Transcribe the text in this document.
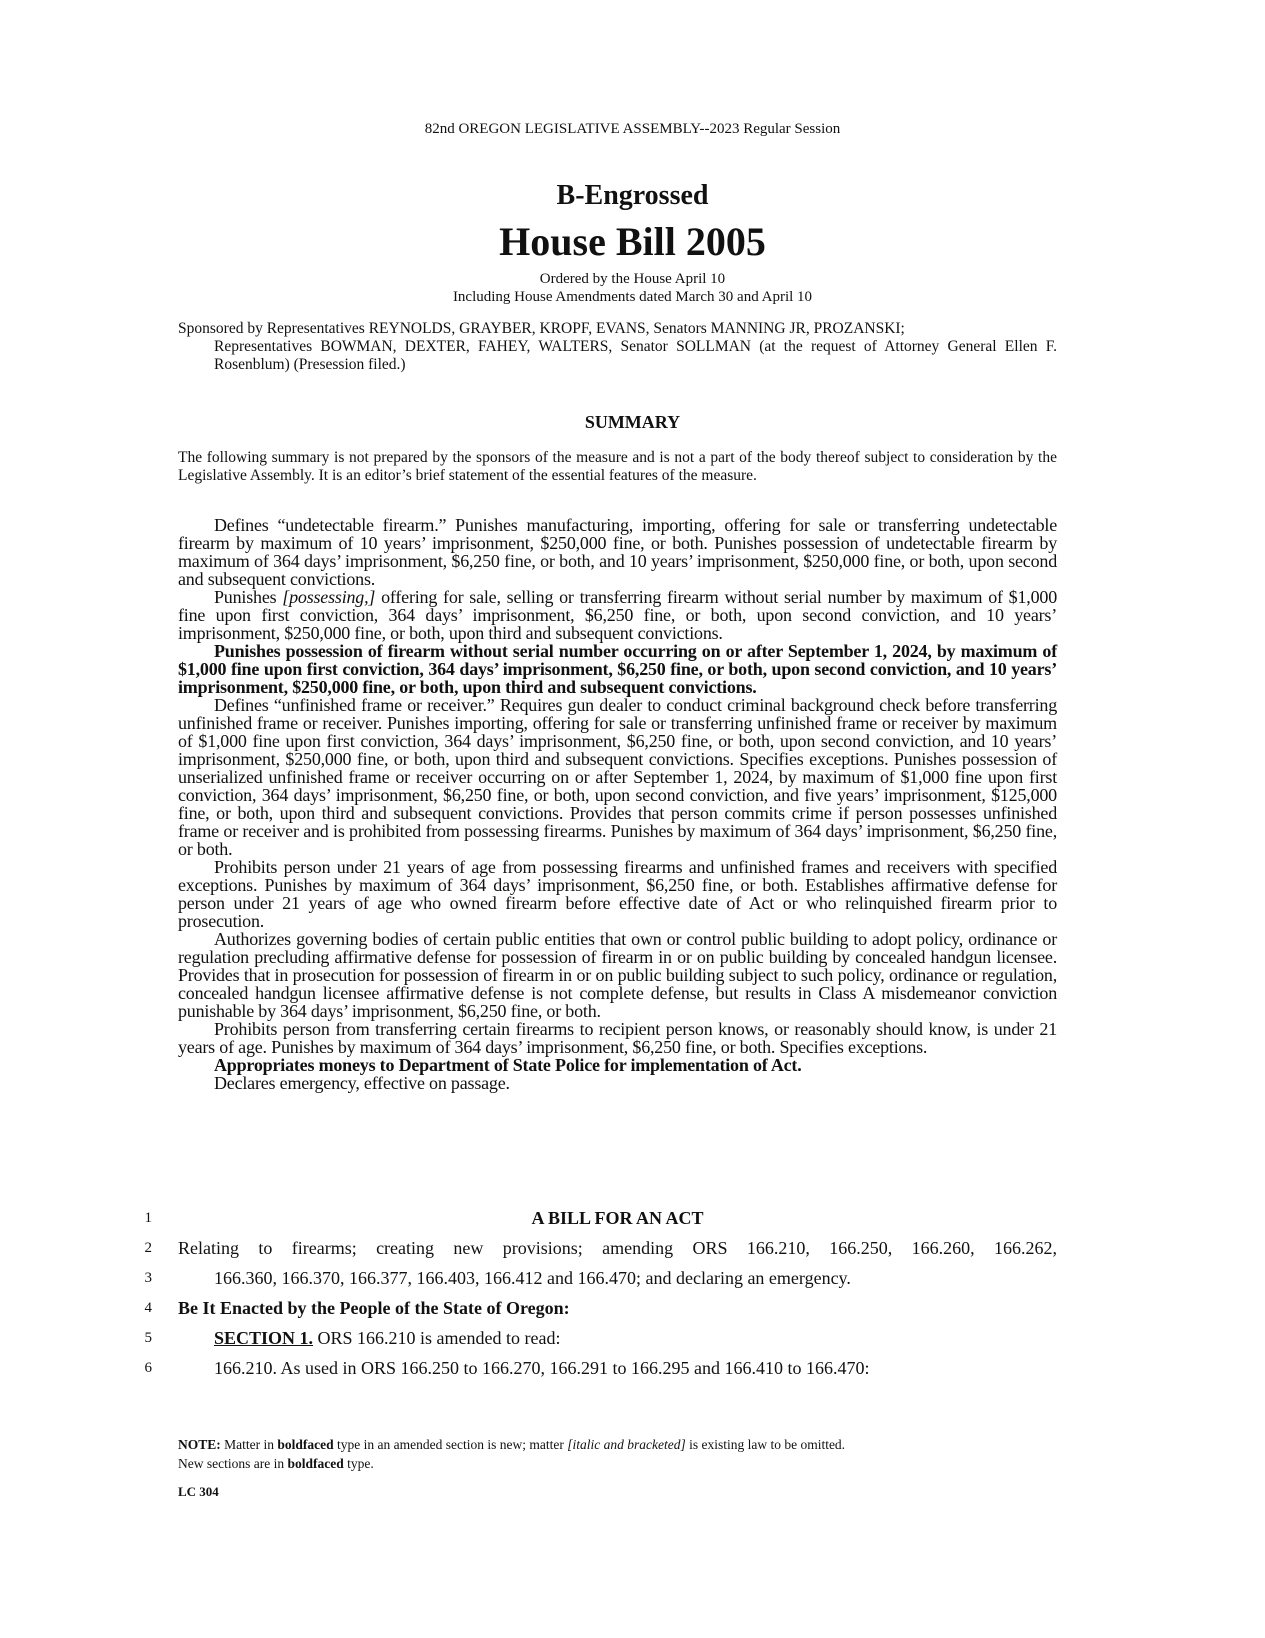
82nd OREGON LEGISLATIVE ASSEMBLY--2023 Regular Session
B-Engrossed
House Bill 2005
Ordered by the House April 10
Including House Amendments dated March 30 and April 10
Sponsored by Representatives REYNOLDS, GRAYBER, KROPF, EVANS, Senators MANNING JR, PROZANSKI;
Representatives BOWMAN, DEXTER, FAHEY, WALTERS, Senator SOLLMAN (at the request of Attorney General Ellen F. Rosenblum) (Presession filed.)
SUMMARY
The following summary is not prepared by the sponsors of the measure and is not a part of the body thereof subject to consideration by the Legislative Assembly. It is an editor’s brief statement of the essential features of the measure.

Defines “undetectable firearm.” Punishes manufacturing, importing, offering for sale or transferring undetectable firearm by maximum of 10 years’ imprisonment, $250,000 fine, or both. Punishes possession of undetectable firearm by maximum of 364 days’ imprisonment, $6,250 fine, or both, and 10 years’ imprisonment, $250,000 fine, or both, upon second and subsequent convictions.

Punishes [possessing,] offering for sale, selling or transferring firearm without serial number by maximum of $1,000 fine upon first conviction, 364 days’ imprisonment, $6,250 fine, or both, upon second conviction, and 10 years’ imprisonment, $250,000 fine, or both, upon third and subsequent convictions.

Punishes possession of firearm without serial number occurring on or after September 1, 2024, by maximum of $1,000 fine upon first conviction, 364 days’ imprisonment, $6,250 fine, or both, upon second conviction, and 10 years’ imprisonment, $250,000 fine, or both, upon third and subsequent convictions.

Defines “unfinished frame or receiver.” Requires gun dealer to conduct criminal background check before transferring unfinished frame or receiver. Punishes importing, offering for sale or transferring unfinished frame or receiver by maximum of $1,000 fine upon first conviction, 364 days’ imprisonment, $6,250 fine, or both, upon second conviction, and 10 years’ imprisonment, $250,000 fine, or both, upon third and subsequent convictions. Specifies exceptions. Punishes possession of unserialized unfinished frame or receiver occurring on or after September 1, 2024, by maximum of $1,000 fine upon first conviction, 364 days’ imprisonment, $6,250 fine, or both, upon second conviction, and five years’ imprisonment, $125,000 fine, or both, upon third and subsequent convictions. Provides that person commits crime if person possesses unfinished frame or receiver and is prohibited from possessing firearms. Punishes by maximum of 364 days’ imprisonment, $6,250 fine, or both.

Prohibits person under 21 years of age from possessing firearms and unfinished frames and receivers with specified exceptions. Punishes by maximum of 364 days’ imprisonment, $6,250 fine, or both. Establishes affirmative defense for person under 21 years of age who owned firearm before effective date of Act or who relinquished firearm prior to prosecution.

Authorizes governing bodies of certain public entities that own or control public building to adopt policy, ordinance or regulation precluding affirmative defense for possession of firearm in or on public building by concealed handgun licensee. Provides that in prosecution for possession of firearm in or on public building subject to such policy, ordinance or regulation, concealed handgun licensee affirmative defense is not complete defense, but results in Class A misdemeanor conviction punishable by 364 days’ imprisonment, $6,250 fine, or both.

Prohibits person from transferring certain firearms to recipient person knows, or reasonably should know, is under 21 years of age. Punishes by maximum of 364 days’ imprisonment, $6,250 fine, or both. Specifies exceptions.

Appropriates moneys to Department of State Police for implementation of Act.

Declares emergency, effective on passage.

1	A BILL FOR AN ACT
2 Relating to firearms; creating new provisions; amending ORS 166.210, 166.250, 166.260, 166.262,
3	166.360, 166.370, 166.377, 166.403, 166.412 and 166.470; and declaring an emergency.
4 Be It Enacted by the People of the State of Oregon:
5	SECTION 1. ORS 166.210 is amended to read:
6	166.210. As used in ORS 166.250 to 166.270, 166.291 to 166.295 and 166.410 to 166.470:
NOTE: Matter in boldfaced type in an amended section is new; matter [italic and bracketed] is existing law to be omitted.
New sections are in boldfaced type.
LC 304
